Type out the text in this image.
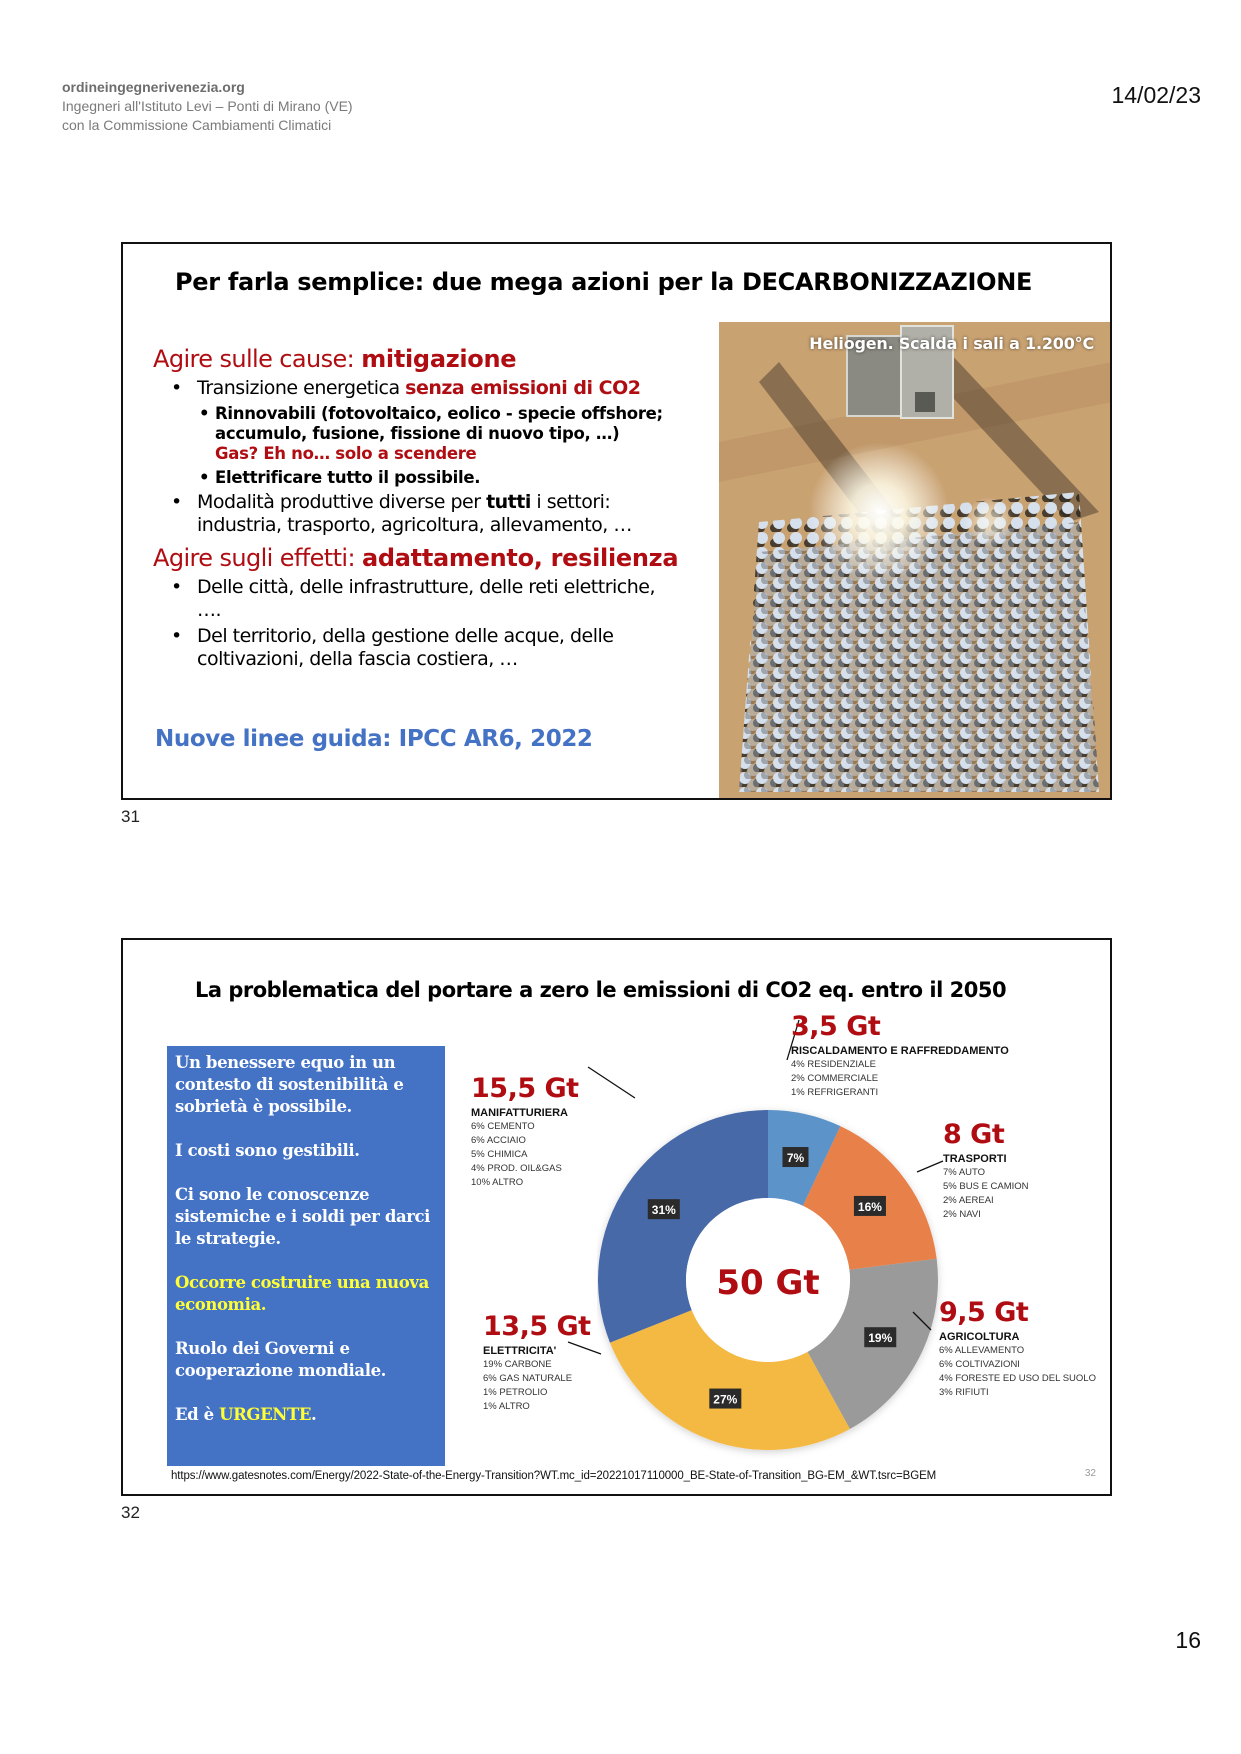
ordineingegnerivenezia.org
Ingegneri all'Istituto Levi – Ponti di Mirano (VE)
con la Commissione Cambiamenti Climatici
14/02/23
Per farla semplice: due mega azioni per la DECARBONIZZAZIONE
Agire sulle cause: mitigazione
• Transizione energetica senza emissioni di CO2
• Rinnovabili (fotovoltaico, eolico - specie offshore;
accumulo, fusione, fissione di nuovo tipo, …)
Gas? Eh no… solo a scendere
• Elettrificare tutto il possibile.
• Modalità produttive diverse per tutti i settori:
industria, trasporto, agricoltura, allevamento, …
Agire sugli effetti: adattamento, resilienza
• Delle città, delle infrastrutture, delle reti elettriche,
….
• Del territorio, della gestione delle acque, delle
coltivazioni, della fascia costiera, …
Nuove linee guida: IPCC AR6, 2022
Heliogen. Scalda i sali a 1.200°C
31
La problematica del portare a zero le emissioni di CO2 eq. entro il 2050

Un benessere equo in un contesto di sostenibilità e sobrietà è possibile.

I costi sono gestibili.

Ci sono le conoscenze sistemiche e i soldi per darci le strategie.

Occorre costruire una nuova economia.

Ruolo dei Governi e cooperazione mondiale.

Ed è URGENTE.

50 Gt
7%
16%
19%
27%
31%
3,5 Gt
RISCALDAMENTO E RAFFREDDAMENTO
4% RESIDENZIALE
2% COMMERCIALE
1% REFRIGERANTI
15,5 Gt
MANIFATTURIERA
6% CEMENTO
6% ACCIAIO
5% CHIMICA
4% PROD. OIL&GAS
10% ALTRO
8 Gt
TRASPORTI
7% AUTO
5% BUS E CAMION
2% AEREAI
2% NAVI
9,5 Gt
AGRICOLTURA
6% ALLEVAMENTO
6% COLTIVAZIONI
4% FORESTE ED USO DEL SUOLO
3% RIFIUTI
13,5 Gt
ELETTRICITA'
19% CARBONE
6% GAS NATURALE
1% PETROLIO
1% ALTRO
https://www.gatesnotes.com/Energy/2022-State-of-the-Energy-Transition?WT.mc_id=20221017110000_BE-State-of-Transition_BG-EM_&WT.tsrc=BGEM	32
32
16
